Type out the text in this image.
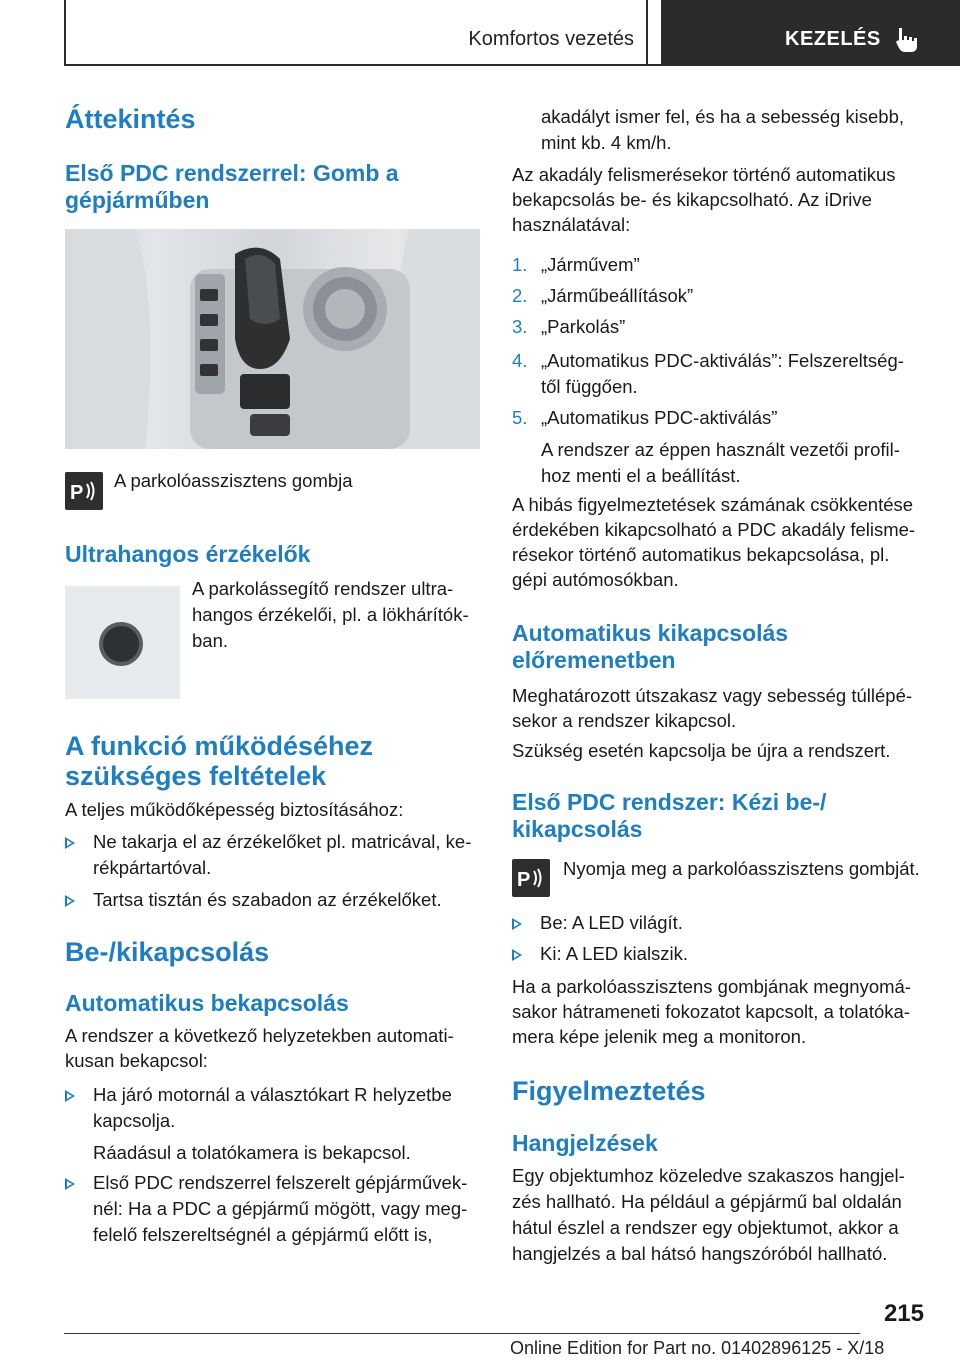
Komfortos vezetés	KEZELÉS
Áttekintés
Első PDC rendszerrel: Gomb a
gépjárműben
P
A parkolóasszisztens gombja
Ultrahangos érzékelők
A parkolássegítő rendszer ultra‐
hangos érzékelői, pl. a lökhárítók‐
ban.
A funkció működéséhez
szükséges feltételek
A teljes működőképesség biztosításához:
Ne takarja el az érzékelőket pl. matricával, ke‐
rékpártartóval.
Tartsa tisztán és szabadon az érzékelőket.
Be-/kikapcsolás
Automatikus bekapcsolás
A rendszer a következő helyzetekben automati‐
kusan bekapcsol:
Ha járó motornál a választókart R helyzetbe
kapcsolja.
Ráadásul a tolatókamera is bekapcsol.
Első PDC rendszerrel felszerelt gépjárművek‐
nél: Ha a PDC a gépjármű mögött, vagy meg‐
felelő felszereltségnél a gépjármű előtt is,
akadályt ismer fel, és ha a sebesség kisebb,
mint kb. 4 km/h.
Az akadály felismerésekor történő automatikus
bekapcsolás be- és kikapcsolható. Az iDrive
használatával:
1. „Járművem”
2. „Járműbeállítások”
3. „Parkolás”
4. „Automatikus PDC-aktiválás”: Felszereltség‐
től függően.
5. „Automatikus PDC-aktiválás”
A rendszer az éppen használt vezetői profil‐
hoz menti el a beállítást.
A hibás figyelmeztetések számának csökkentése
érdekében kikapcsolható a PDC akadály felisme‐
résekor történő automatikus bekapcsolása, pl.
gépi autómosókban.
Automatikus kikapcsolás
előremenetben
Meghatározott útszakasz vagy sebesség túllépé‐
sekor a rendszer kikapcsol.
Szükség esetén kapcsolja be újra a rendszert.
Első PDC rendszer: Kézi be-/
kikapcsolás
P
Nyomja meg a parkolóasszisztens gombját.
Be: A LED világít.
Ki: A LED kialszik.
Ha a parkolóasszisztens gombjának megnyomá‐
sakor hátrameneti fokozatot kapcsolt, a tolatóka‐
mera képe jelenik meg a monitoron.
Figyelmeztetés
Hangjelzések
Egy objektumhoz közeledve szakaszos hangjel‐
zés hallható. Ha például a gépjármű bal oldalán
hátul észlel a rendszer egy objektumot, akkor a
hangjelzés a bal hátsó hangszóróból hallható.
215
Online Edition for Part no. 01402896125 - X/18
